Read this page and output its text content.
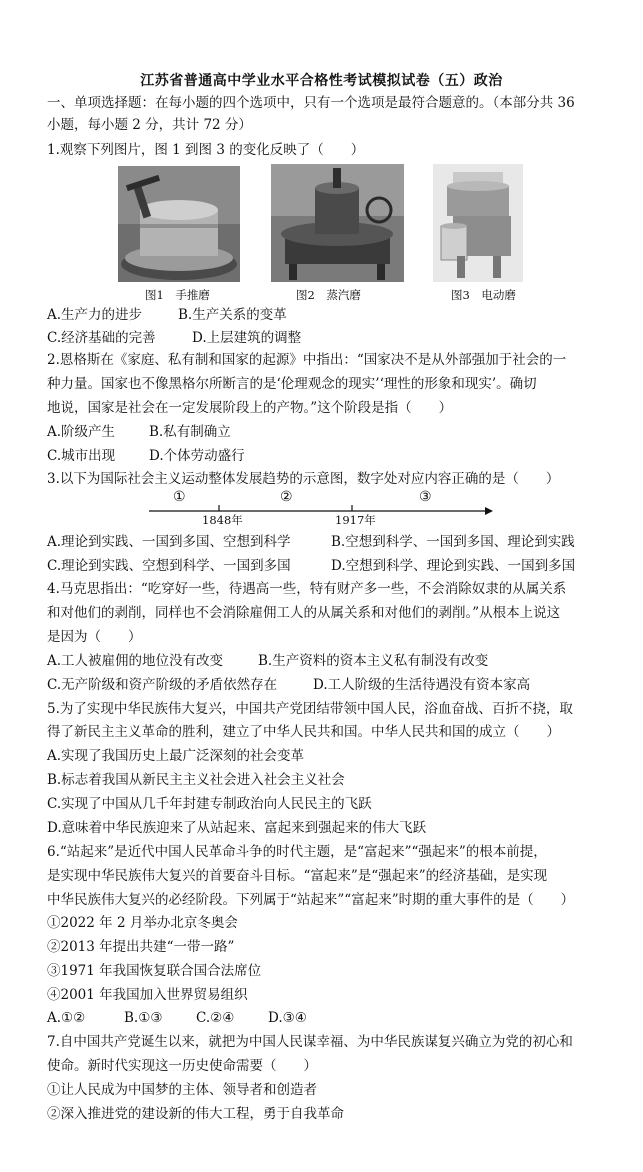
江苏省普通高中学业水平合格性考试模拟试卷（五）政治
一、单项选择题：在每小题的四个选项中，只有一个选项是最符合题意的。（本部分共 36
小题，每小题 2 分，共计 72 分）
1.观察下列图片，图 1 到图 3 的变化反映了（　　）
图1　手推磨	图2　蒸汽磨	图3　电动磨
A.生产力的进步	B.生产关系的变革
C.经济基础的完善	D.上层建筑的调整
2.恩格斯在《家庭、私有制和国家的起源》中指出：“国家决不是从外部强加于社会的一
种力量。国家也不像黑格尔所断言的是‘伦理观念的现实’‘理性的形象和现实’。确切
地说，国家是社会在一定发展阶段上的产物。”这个阶段是指（　　）
A.阶级产生	B.私有制确立
C.城市出现	D.个体劳动盛行
3.以下为国际社会主义运动整体发展趋势的示意图，数字处对应内容正确的是（　　）
①	②	③
1848年	1917年
A.理论到实践、一国到多国、空想到科学	B.空想到科学、一国到多国、理论到实践
C.理论到实践、空想到科学、一国到多国	D.空想到科学、理论到实践、一国到多国
4.马克思指出：“吃穿好一些，待遇高一些，特有财产多一些，不会消除奴隶的从属关系
和对他们的剥削，同样也不会消除雇佣工人的从属关系和对他们的剥削。”从根本上说这
是因为（　　）
A.工人被雇佣的地位没有改变	B.生产资料的资本主义私有制没有改变
C.无产阶级和资产阶级的矛盾依然存在	D.工人阶级的生活待遇没有资本家高
5.为了实现中华民族伟大复兴，中国共产党团结带领中国人民，浴血奋战、百折不挠，取
得了新民主主义革命的胜利，建立了中华人民共和国。中华人民共和国的成立（　　）
A.实现了我国历史上最广泛深刻的社会变革
B.标志着我国从新民主主义社会进入社会主义社会
C.实现了中国从几千年封建专制政治向人民民主的飞跃
D.意味着中华民族迎来了从站起来、富起来到强起来的伟大飞跃
6.“站起来”是近代中国人民革命斗争的时代主题，是“富起来”“强起来”的根本前提，
是实现中华民族伟大复兴的首要奋斗目标。“富起来”是“强起来”的经济基础，是实现
中华民族伟大复兴的必经阶段。下列属于“站起来”“富起来”时期的重大事件的是（　　）
①2022 年 2 月举办北京冬奥会
②2013 年提出共建“一带一路”
③1971 年我国恢复联合国合法席位
④2001 年我国加入世界贸易组织
A.①②	B.①③ C.②④ D.③④
7.自中国共产党诞生以来，就把为中国人民谋幸福、为中华民族谋复兴确立为党的初心和
使命。新时代实现这一历史使命需要（　　）
①让人民成为中国梦的主体、领导者和创造者
②深入推进党的建设新的伟大工程，勇于自我革命
